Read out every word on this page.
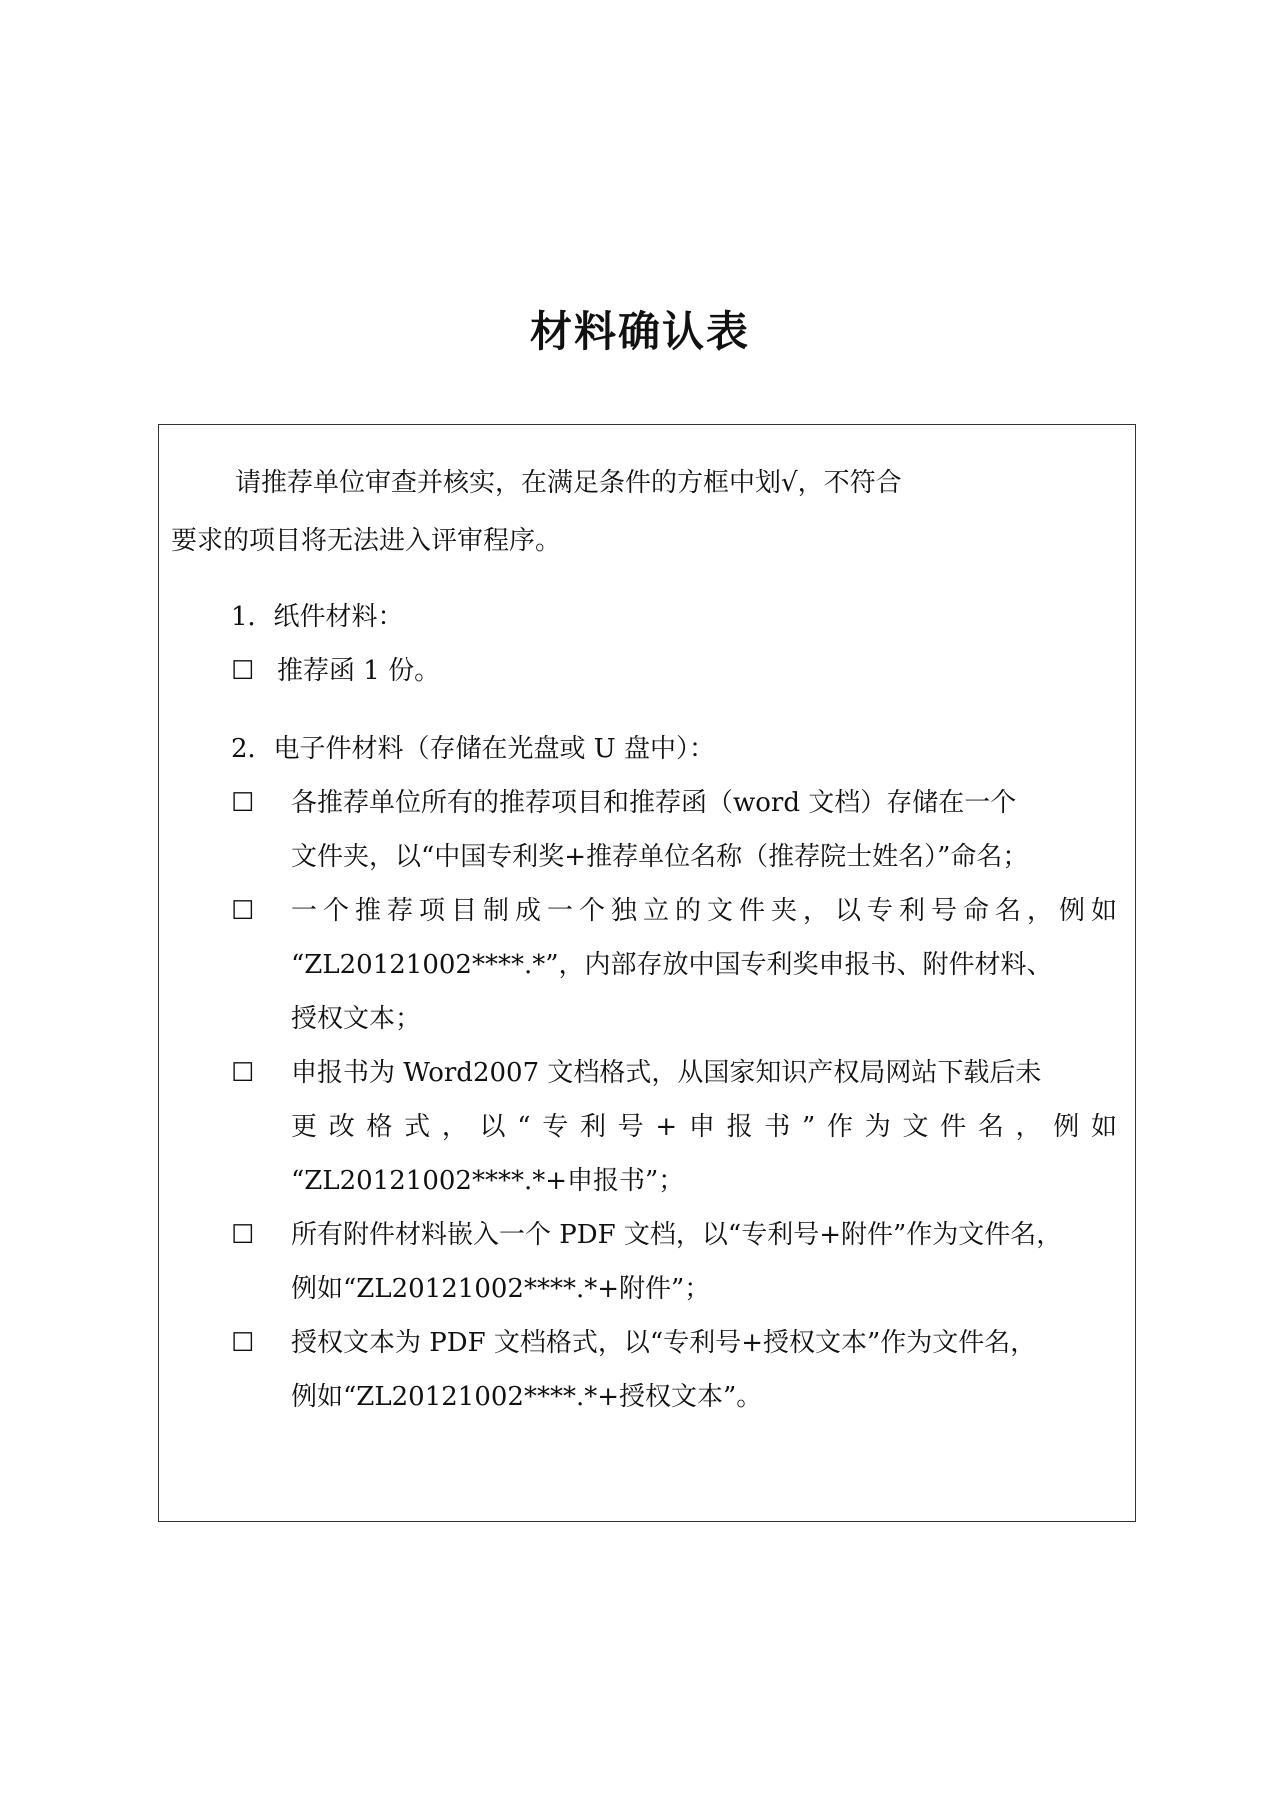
材料确认表
请推荐单位审查并核实，在满足条件的方框中划√，不符合
要求的项目将无法进入评审程序。
1．纸件材料：
☐ 推荐函 1 份。
2．电子件材料（存储在光盘或 U 盘中）：
☐ 各推荐单位所有的推荐项目和推荐函（word 文档）存储在一个
文件夹，以“中国专利奖+推荐单位名称（推荐院士姓名）”命名；
☐ 一个推荐项目制成一个独立的文件夹，以专利号命名，例如
“ZL20121002****.*”，内部存放中国专利奖申报书、附件材料、
授权文本；
☐ 申报书为 Word2007 文档格式，从国家知识产权局网站下载后未
更改格式，以“专利号+申报书”作为文件名，例如
“ZL20121002****.*+申报书”；
☐ 所有附件材料嵌入一个 PDF 文档，以“专利号+附件”作为文件名，
例如“ZL20121002****.*+附件”；
☐ 授权文本为 PDF 文档格式，以“专利号+授权文本”作为文件名，
例如“ZL20121002****.*+授权文本”。
